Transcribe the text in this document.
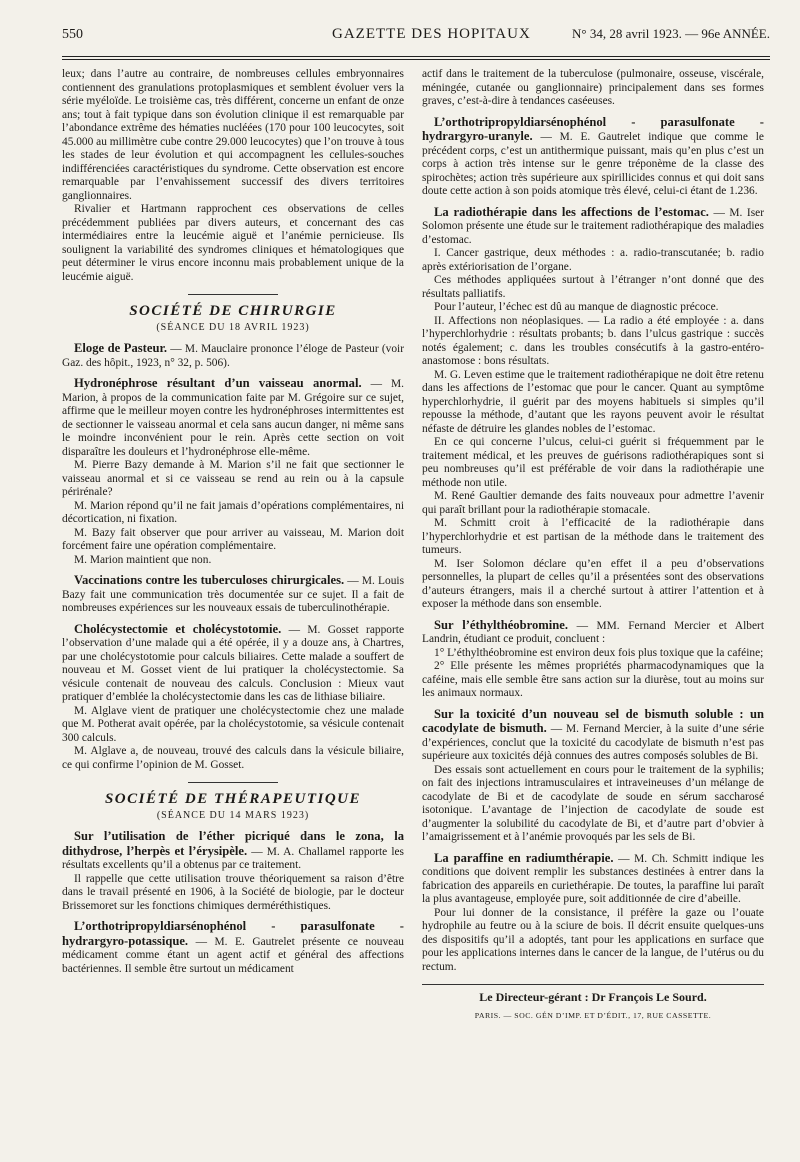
550	GAZETTE DES HOPITAUX	N° 34, 28 avril 1923. — 96e ANNÉE.

leux; dans l’autre au contraire, de nombreuses cellules embryonnaires contiennent des granulations protoplasmiques et semblent évoluer vers la série myéloïde. Le troisième cas, très différent, concerne un enfant de onze ans; tout à fait typique dans son évolution clinique il est remarquable par l’abondance extrême des hématies nucléées (170 pour 100 leucocytes, soit 45.000 au millimètre cube contre 29.000 leucocytes) que l’on trouve à tous les stades de leur évolution et qui accompagnent les cellules-souches indifférenciées caractéristiques du syndrome. Cette observation est encore remarquable par l’envahissement successif des divers territoires ganglionnaires.

Rivalier et Hartmann rapprochent ces observations de celles précédemment publiées par divers auteurs, et concernant des cas intermédiaires entre la leucémie aiguë et l’anémie pernicieuse. Ils soulignent la variabilité des syndromes cliniques et hématologiques que peut déterminer le virus encore inconnu mais probablement unique de la leucémie aiguë.

SOCIÉTÉ DE CHIRURGIE
(SÉANCE DU 18 AVRIL 1923)

Eloge de Pasteur. — M. Mauclaire prononce l’éloge de Pasteur (voir Gaz. des hôpit., 1923, n° 32, p. 506).

Hydronéphrose résultant d’un vaisseau anormal. — M. Marion, à propos de la communication faite par M. Grégoire sur ce sujet, affirme que le meilleur moyen contre les hydronéphroses intermittentes est de sectionner le vaisseau anormal et cela sans aucun danger, ni même sans le moindre inconvénient pour le rein. Après cette section on voit disparaître les douleurs et l’hydronéphrose elle-même.

M. Pierre Bazy demande à M. Marion s’il ne fait que sectionner le vaisseau anormal et si ce vaisseau se rend au rein ou à la capsule périrénale?

M. Marion répond qu’il ne fait jamais d’opérations complémentaires, ni décortication, ni fixation.

M. Bazy fait observer que pour arriver au vaisseau, M. Marion doit forcément faire une opération complémentaire.

M. Marion maintient que non.

Vaccinations contre les tuberculoses chirurgicales. — M. Louis Bazy fait une communication très documentée sur ce sujet. Il a fait de nombreuses expériences sur les nouveaux essais de tuberculinothérapie.

Cholécystectomie et cholécystotomie. — M. Gosset rapporte l’observation d’une malade qui a été opérée, il y a douze ans, à Chartres, par une cholécystotomie pour calculs biliaires. Cette malade a souffert de nouveau et M. Gosset vient de lui pratiquer la cholécystectomie. Sa vésicule contenait de nouveau des calculs. Conclusion : Mieux vaut pratiquer d’emblée la cholécystectomie dans les cas de lithiase biliaire.

M. Alglave vient de pratiquer une cholécystectomie chez une malade que M. Potherat avait opérée, par la cholécystotomie, sa vésicule contenait 300 calculs.

M. Alglave a, de nouveau, trouvé des calculs dans la vésicule biliaire, ce qui confirme l’opinion de M. Gosset.

SOCIÉTÉ DE THÉRAPEUTIQUE
(SÉANCE DU 14 MARS 1923)

Sur l’utilisation de l’éther picriqué dans le zona, la dithydrose, l’herpès et l’érysipèle. — M. A. Challamel rapporte les résultats excellents qu’il a obtenus par ce traitement.

Il rappelle que cette utilisation trouve théoriquement sa raison d’être dans le travail présenté en 1906, à la Société de biologie, par le docteur Brissemoret sur les fonctions chimiques derméréthistiques.

L’orthotripropyldiarsénophénol - parasulfonate - hydrargyro-potassique. — M. E. Gautrelet présente ce nouveau médicament comme étant un agent actif et général des affections bactériennes. Il semble être surtout un médicament

actif dans le traitement de la tuberculose (pulmonaire, osseuse, viscérale, méningée, cutanée ou ganglionnaire) principalement dans ses formes graves, c’est-à-dire à tendances caséeuses.

L’orthotripropyldiarsénophénol - parasulfonate - hydrargyro-uranyle. — M. E. Gautrelet indique que comme le précédent corps, c’est un antithermique puissant, mais qu’en plus c’est un corps à action très intense sur le genre tréponème de la classe des spirochètes; action très supérieure aux spirillicides connus et qui doit sans doute cette action à son poids atomique très élevé, celui-ci étant de 1.236.

La radiothérapie dans les affections de l’estomac. — M. Iser Solomon présente une étude sur le traitement radiothérapique des maladies d’estomac.

I. Cancer gastrique, deux méthodes : a. radio-transcutanée; b. radio après extériorisation de l’organe.

Ces méthodes appliquées surtout à l’étranger n’ont donné que des résultats palliatifs.

Pour l’auteur, l’échec est dû au manque de diagnostic précoce.

II. Affections non néoplasiques. — La radio a été employée : a. dans l’hyperchlorhydrie : résultats probants; b. dans l’ulcus gastrique : succès notés également; c. dans les troubles consécutifs à la gastro-entéro-anastomose : bons résultats.

M. G. Leven estime que le traitement radiothérapique ne doit être retenu dans les affections de l’estomac que pour le cancer. Quant au symptôme hyperchlorhydrie, il guérit par des moyens habituels si simples qu’il repousse la méthode, d’autant que les rayons peuvent avoir le résultat néfaste de détruire les glandes nobles de l’estomac.

En ce qui concerne l’ulcus, celui-ci guérit si fréquemment par le traitement médical, et les preuves de guérisons radiothérapiques sont si peu nombreuses qu’il est préférable de voir dans la radiothérapie une méthode non utile.

M. René Gaultier demande des faits nouveaux pour admettre l’avenir qui paraît brillant pour la radiothérapie stomacale.

M. Schmitt croit à l’efficacité de la radiothérapie dans l’hyperchlorhydrie et est partisan de la méthode dans le traitement des tumeurs.

M. Iser Solomon déclare qu’en effet il a peu d’observations personnelles, la plupart de celles qu’il a présentées sont des observations d’auteurs étrangers, mais il a cherché surtout à attirer l’attention et à exposer la méthode dans son ensemble.

Sur l’éthylthéobromine. — MM. Fernand Mercier et Albert Landrin, étudiant ce produit, concluent :

1° L’éthylthéobromine est environ deux fois plus toxique que la caféine;

2° Elle présente les mêmes propriétés pharmacodynamiques que la caféine, mais elle semble être sans action sur la diurèse, tout au moins sur les animaux normaux.

Sur la toxicité d’un nouveau sel de bismuth soluble : un cacodylate de bismuth. — M. Fernand Mercier, à la suite d’une série d’expériences, conclut que la toxicité du cacodylate de bismuth n’est pas supérieure aux toxicités déjà connues des autres composés solubles de Bi.

Des essais sont actuellement en cours pour le traitement de la syphilis; on fait des injections intramusculaires et intraveineuses d’un mélange de cacodylate de Bi et de cacodylate de soude en sérum saccharosé isotonique. L’avantage de l’injection de cacodylate de soude est d’augmenter la solubilité du cacodylate de Bi, et d’autre part d’obvier à l’amaigrissement et à l’anémie provoqués par les sels de Bi.

La paraffine en radiumthérapie. — M. Ch. Schmitt indique les conditions que doivent remplir les substances destinées à entrer dans la fabrication des appareils en curiethérapie. De toutes, la paraffine lui paraît la plus avantageuse, employée pure, soit additionnée de cire d’abeille.

Pour lui donner de la consistance, il préfère la gaze ou l’ouate hydrophile au feutre ou à la sciure de bois. Il décrit ensuite quelques-uns des dispositifs qu’il a adoptés, tant pour les applications en surface que pour les applications internes dans le cancer de la langue, de l’utérus ou du rectum.

Le Directeur-gérant : Dr François Le Sourd.
PARIS. — SOC. GÉN D’IMP. ET D’ÉDIT., 17, RUE CASSETTE.
